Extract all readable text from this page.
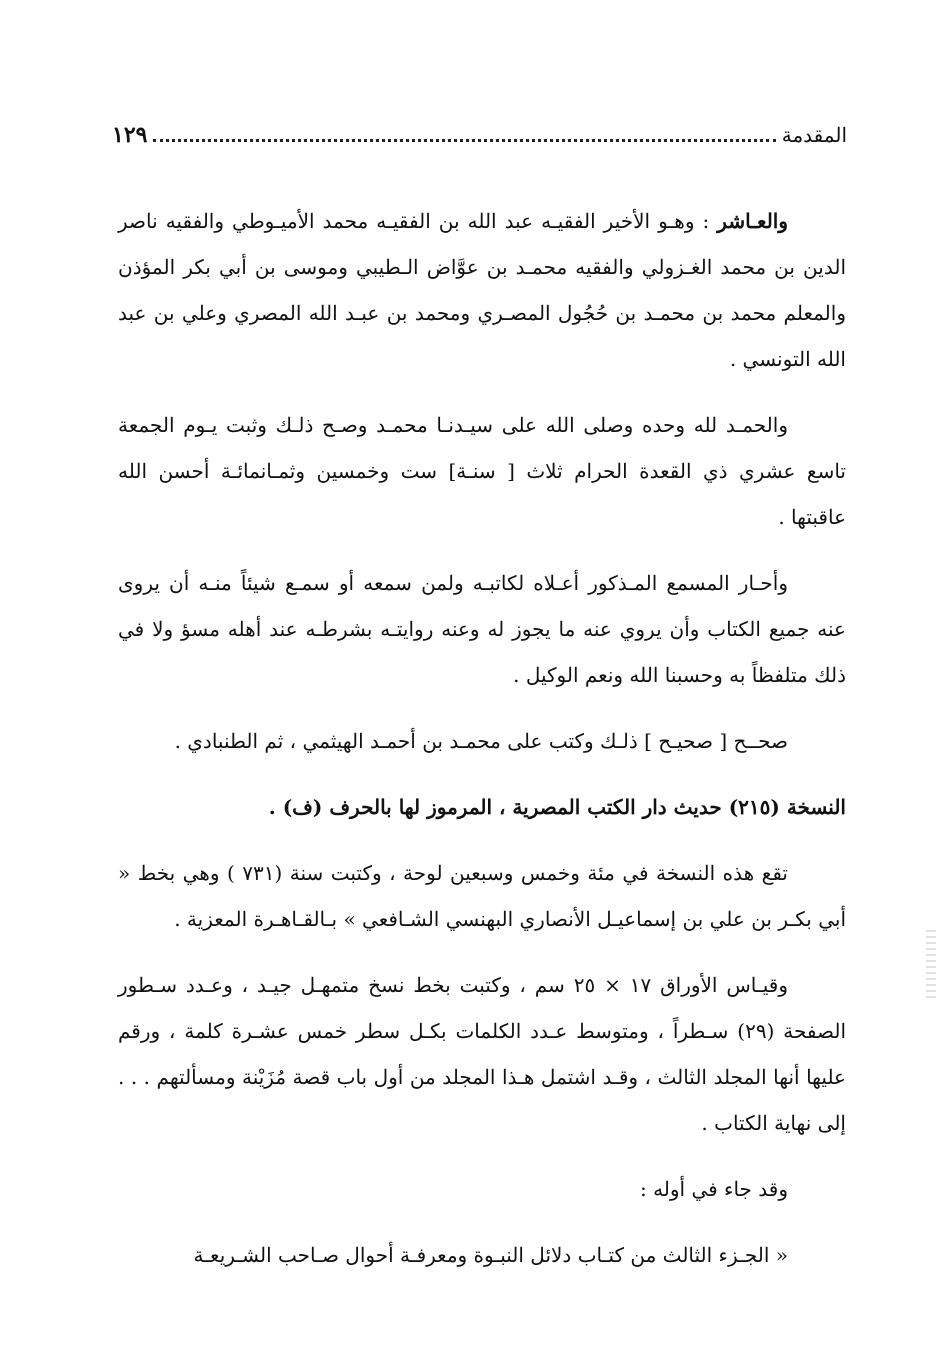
المقدمة
١٢٩

والعـاشر : وهـو الأخير الفقيـه عبد الله بن الفقيـه محمد الأميـوطي والفقيه ناصر الدين بن محمد الغـزولي والفقيه محمـد بن عوَّاض الـطيبي وموسى بن أبي بكر المؤذن والمعلم محمد بن محمـد بن حُجُول المصـري ومحمد بن عبـد الله المصري وعلي بن عبد الله التونسي .

والحمـد لله وحده وصلى الله على سيـدنـا محمـد وصـح ذلـك وثبت يـوم الجمعة تاسع عشري ذي القعدة الحرام ثلاث [ سنـة] ست وخمسين وثمـانمائـة أحسن الله عاقبتها .

وأحـار المسمع المـذكور أعـلاه لكاتبـه ولمن سمعه أو سمـع شيئاً منـه أن يروى عنه جميع الكتاب وأن يروي عنه ما يجوز له وعنه روايتـه بشرطـه عند أهله مسؤ ولا في ذلك متلفظاً به وحسبنا الله ونعم الوكيل .

صحــح [ صحيـح ] ذلـك وكتب على محمـد بن أحمـد الهيثمي ، ثم الطنبادي .

النسخة (٢١٥) حديث دار الكتب المصرية ، المرموز لها بالحرف (ف) .

تقع هذه النسخة في مئة وخمس وسبعين لوحة ، وكتبت سنة (٧٣١ ) وهي بخط « أبي بكـر بن علي بن إسماعيـل الأنصاري البهنسي الشـافعي » بـالقـاهـرة المعزية .

وقيـاس الأوراق ١٧ × ٢٥ سم ، وكتبت بخط نسخ متمهـل جيـد ، وعـدد سـطور الصفحة (٢٩) سـطراً ، ومتوسط عـدد الكلمات بكـل سطر خمس عشـرة كلمة ، ورقم عليها أنها المجلد الثالث ، وقـد اشتمل هـذا المجلد من أول باب قصة مُزَيْنة ومسألتهم . . . إلى نهاية الكتاب .

وقد جاء في أوله :

« الجـزء الثالث من كتـاب دلائل النبـوة ومعرفـة أحوال صـاحب الشـريعـة
